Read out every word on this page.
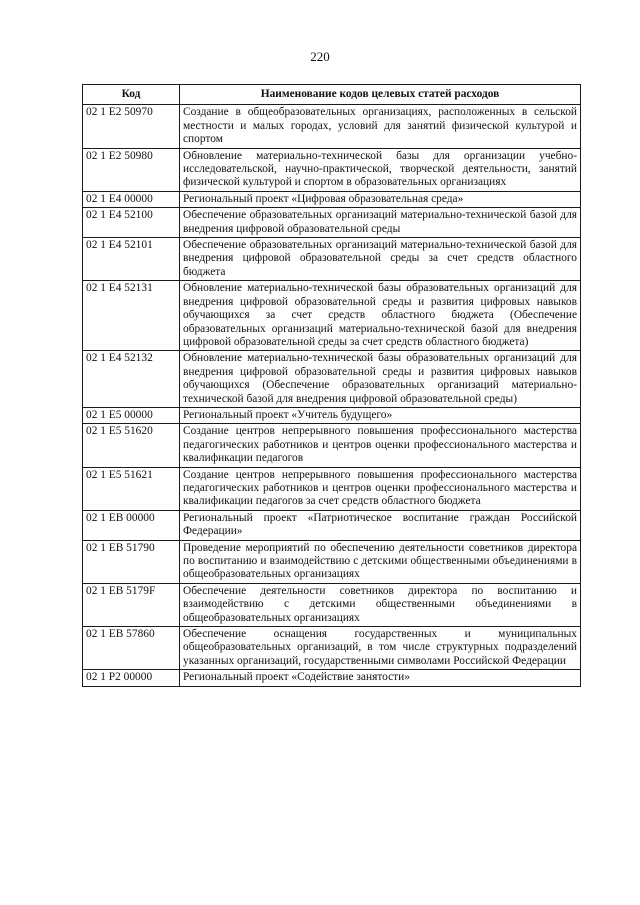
220
Код	Наименование кодов целевых статей расходов
02 1 E2 50970	Создание в общеобразовательных организациях, расположенных в сельской местности и малых городах, условий для занятий физической культурой и спортом
02 1 E2 50980	Обновление материально-технической базы для организации учебно-исследовательской, научно-практической, творческой деятельности, занятий физической культурой и спортом в образовательных организациях
02 1 E4 00000	Региональный проект «Цифровая образовательная среда»
02 1 E4 52100	Обеспечение образовательных организаций материально-технической базой для внедрения цифровой образовательной среды
02 1 E4 52101	Обеспечение образовательных организаций материально-технической базой для внедрения цифровой образовательной среды за счет средств областного бюджета
02 1 E4 52131	Обновление материально-технической базы образовательных организаций для внедрения цифровой образовательной среды и развития цифровых навыков обучающихся за счет средств областного бюджета (Обеспечение образовательных организаций материально-технической базой для внедрения цифровой образовательной среды за счет средств областного бюджета)
02 1 E4 52132	Обновление материально-технической базы образовательных организаций для внедрения цифровой образовательной среды и развития цифровых навыков обучающихся (Обеспечение образовательных организаций материально-технической базой для внедрения цифровой образовательной среды)
02 1 E5 00000	Региональный проект «Учитель будущего»
02 1 E5 51620	Создание центров непрерывного повышения профессионального мастерства педагогических работников и центров оценки профессионального мастерства и квалификации педагогов
02 1 E5 51621	Создание центров непрерывного повышения профессионального мастерства педагогических работников и центров оценки профессионального мастерства и квалификации педагогов за счет средств областного бюджета
02 1 EB 00000	Региональный проект «Патриотическое воспитание граждан Российской Федерации»
02 1 EB 51790	Проведение мероприятий по обеспечению деятельности советников директора по воспитанию и взаимодействию с детскими общественными объединениями в общеобразовательных организациях
02 1 EB 5179F	Обеспечение деятельности советников директора по воспитанию и взаимодействию с детскими общественными объединениями в общеобразовательных организациях
02 1 EB 57860	Обеспечение оснащения государственных и муниципальных общеобразовательных организаций, в том числе структурных подразделений указанных организаций, государственными символами Российской Федерации
02 1 P2 00000	Региональный проект «Содействие занятости»
